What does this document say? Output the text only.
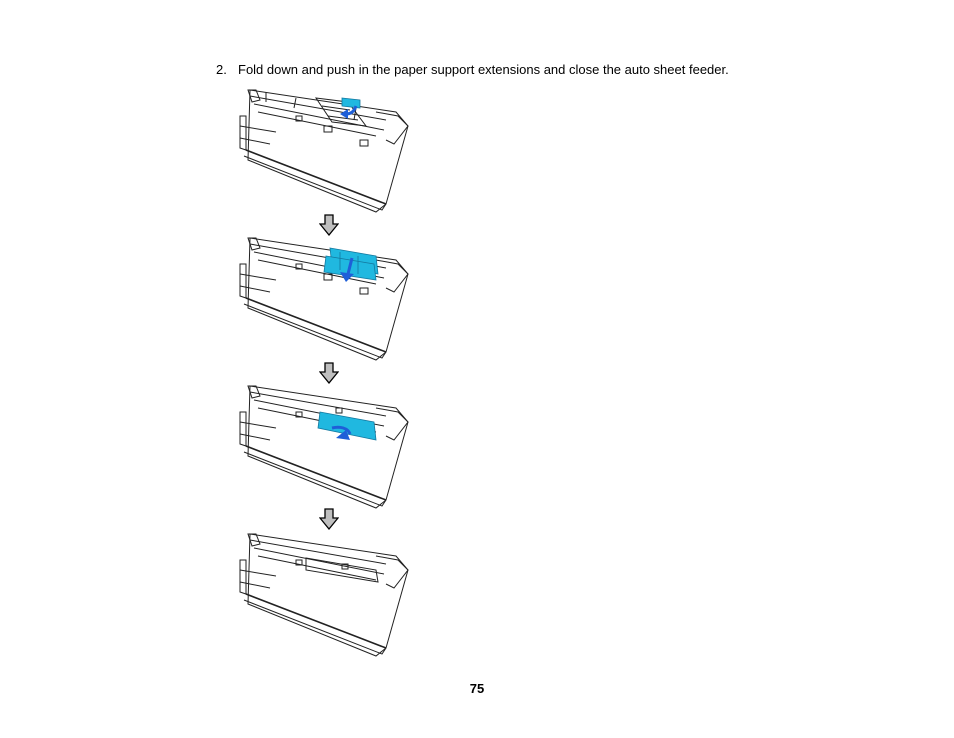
2. Fold down and push in the paper support extensions and close the auto sheet feeder.
75
